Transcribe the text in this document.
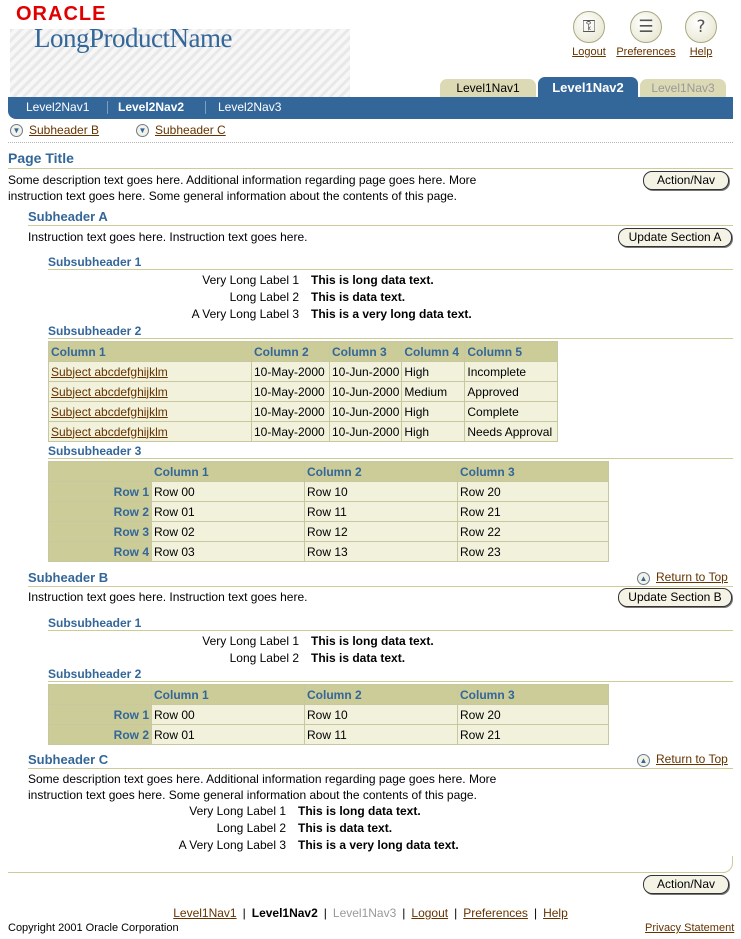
ORACLE
LongProductName	⚿
Logout
☰
Preferences
?
Help
Level1Nav1	Level1Nav2	Level1Nav3
Level2Nav1 Level2Nav2	Level2Nav3
▼ Subheader B	▼ Subheader C
Page Title
Some description text goes here. Additional information regarding page goes here. More
instruction text goes here. Some general information about the contents of this page.
Action/Nav
Subheader A
Instruction text goes here. Instruction text goes here.	Update Section A
Subsubheader 1
Very Long Label 1 This is long data text.
Long Label 2 This is data text.
A Very Long Label 3 This is a very long data text.
Subsubheader 2
Column 1	Column 2	Column 3	Column 4	Column 5
Subject abcdefghijklm	10-May-2000	10-Jun-2000	High	Incomplete
Subject abcdefghijklm	10-May-2000	10-Jun-2000	Medium	Approved
Subject abcdefghijklm	10-May-2000	10-Jun-2000	High	Complete
Subject abcdefghijklm	10-May-2000	10-Jun-2000	High	Needs Approval
Subsubheader 3
	Column 1	Column 2	Column 3
Row 1	Row 00	Row 10	Row 20
Row 2	Row 01	Row 11	Row 21
Row 3	Row 02	Row 12	Row 22
Row 4	Row 03	Row 13	Row 23
Subheader B	▲ Return to Top
Instruction text goes here. Instruction text goes here.	Update Section B
Subsubheader 1
Very Long Label 1 This is long data text.
Long Label 2 This is data text.
Subsubheader 2
	Column 1	Column 2	Column 3
Row 1	Row 00	Row 10	Row 20
Row 2	Row 01	Row 11	Row 21
Subheader C	▲ Return to Top
Some description text goes here. Additional information regarding page goes here. More
instruction text goes here. Some general information about the contents of this page.
Very Long Label 1 This is long data text.
Long Label 2 This is data text.
A Very Long Label 3 This is a very long data text.
Action/Nav
Level1Nav1 | Level1Nav2 | Level1Nav3 | Logout | Preferences | Help
Copyright 2001 Oracle Corporation	Privacy Statement
